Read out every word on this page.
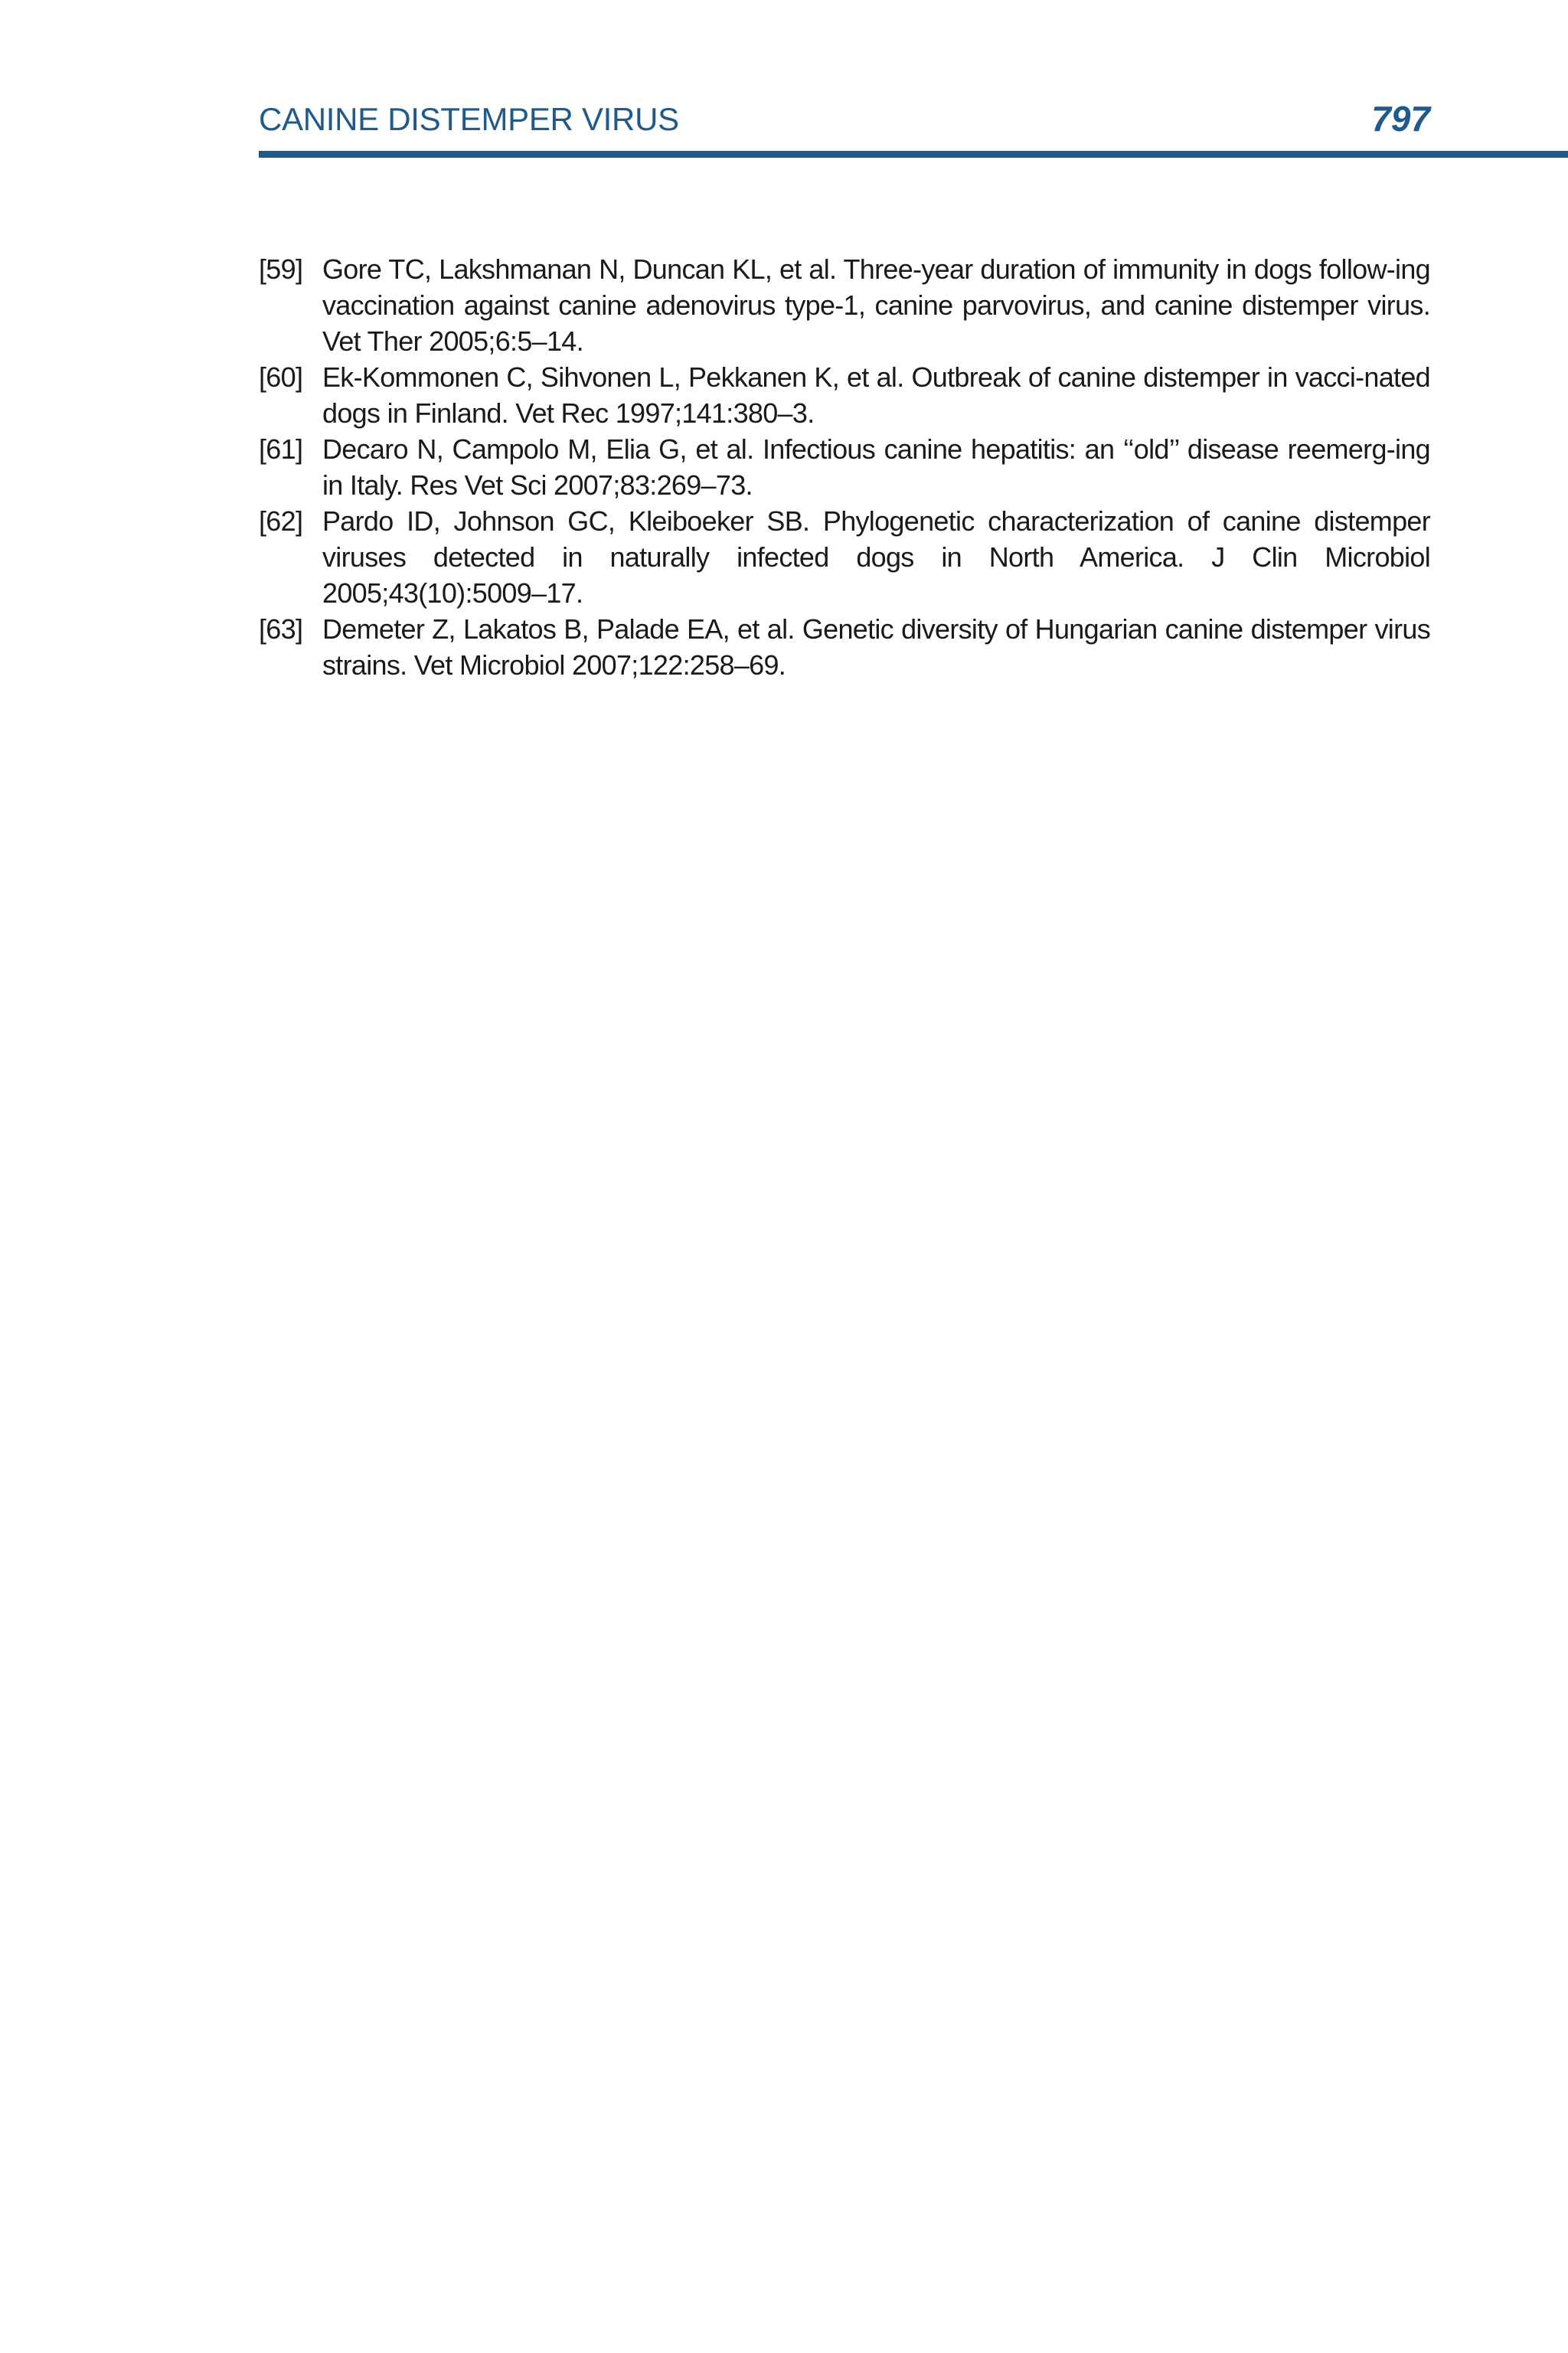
CANINE DISTEMPER VIRUS	797
[59] Gore TC, Lakshmanan N, Duncan KL, et al. Three-year duration of immunity in dogs follow-ing vaccination against canine adenovirus type-1, canine parvovirus, and canine distemper virus. Vet Ther 2005;6:5–14.
[60] Ek-Kommonen C, Sihvonen L, Pekkanen K, et al. Outbreak of canine distemper in vacci-nated dogs in Finland. Vet Rec 1997;141:380–3.
[61] Decaro N, Campolo M, Elia G, et al. Infectious canine hepatitis: an ‘‘old’’ disease reemerg-ing in Italy. Res Vet Sci 2007;83:269–73.
[62] Pardo ID, Johnson GC, Kleiboeker SB. Phylogenetic characterization of canine distemper viruses detected in naturally infected dogs in North America. J Clin Microbiol 2005;43(10):5009–17.
[63] Demeter Z, Lakatos B, Palade EA, et al. Genetic diversity of Hungarian canine distemper virus strains. Vet Microbiol 2007;122:258–69.
